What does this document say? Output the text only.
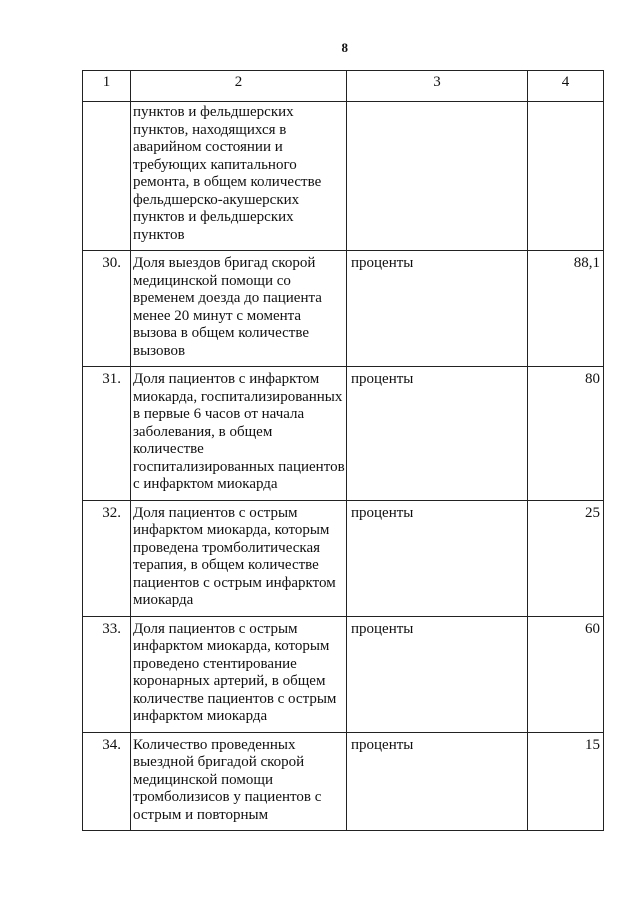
8
1	2	3	4
	пунктов и фельдшерских пунктов, находящихся в аварийном состоянии и требующих капитального ремонта, в общем количестве фельдшерско-акушерских пунктов и фельдшерских пунктов		
30.	Доля выездов бригад скорой медицинской помощи со временем доезда до пациента менее 20 минут с момента вызова в общем количестве вызовов	проценты	88,1
31.	Доля пациентов с инфарктом миокарда, госпитализированных в первые 6 часов от начала заболевания, в общем количестве госпитализированных пациентов с инфарктом миокарда	проценты	80
32.	Доля пациентов с острым инфарктом миокарда, которым проведена тромболитическая терапия, в общем количестве пациентов с острым инфарктом миокарда	проценты	25
33.	Доля пациентов с острым инфарктом миокарда, которым проведено стентирование коронарных артерий, в общем количестве пациентов с острым инфарктом миокарда	проценты	60
34.	Количество проведенных выездной бригадой скорой медицинской помощи тромболизисов у пациентов с острым и повторным	проценты	15
